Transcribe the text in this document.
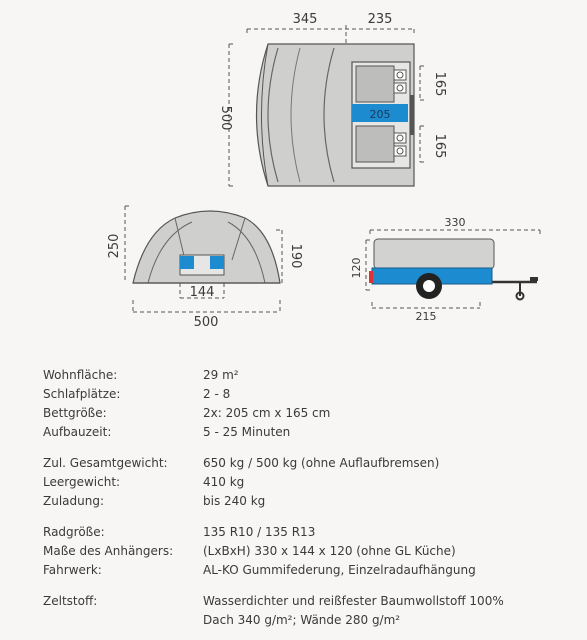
345	235
500
165
165
205
250	190
144
500
330
120
215
Wohnfläche:	29 m²
Schlafplätze:	2 - 8
Bettgröße:	2x: 205 cm x 165 cm
Aufbauzeit:	5 - 25 Minuten
Zul. Gesamtgewicht:	650 kg / 500 kg (ohne Auflaufbremsen)
Leergewicht:	410 kg
Zuladung:	bis 240 kg
Radgröße:	135 R10 / 135 R13
Maße des Anhängers: (LxBxH) 330 x 144 x 120 (ohne GL Küche)
Fahrwerk:	AL-KO Gummifederung, Einzelradaufhängung
Zeltstoff:	Wasserdichter und reißfester Baumwollstoff 100%
Dach 340 g/m²; Wände 280 g/m²
